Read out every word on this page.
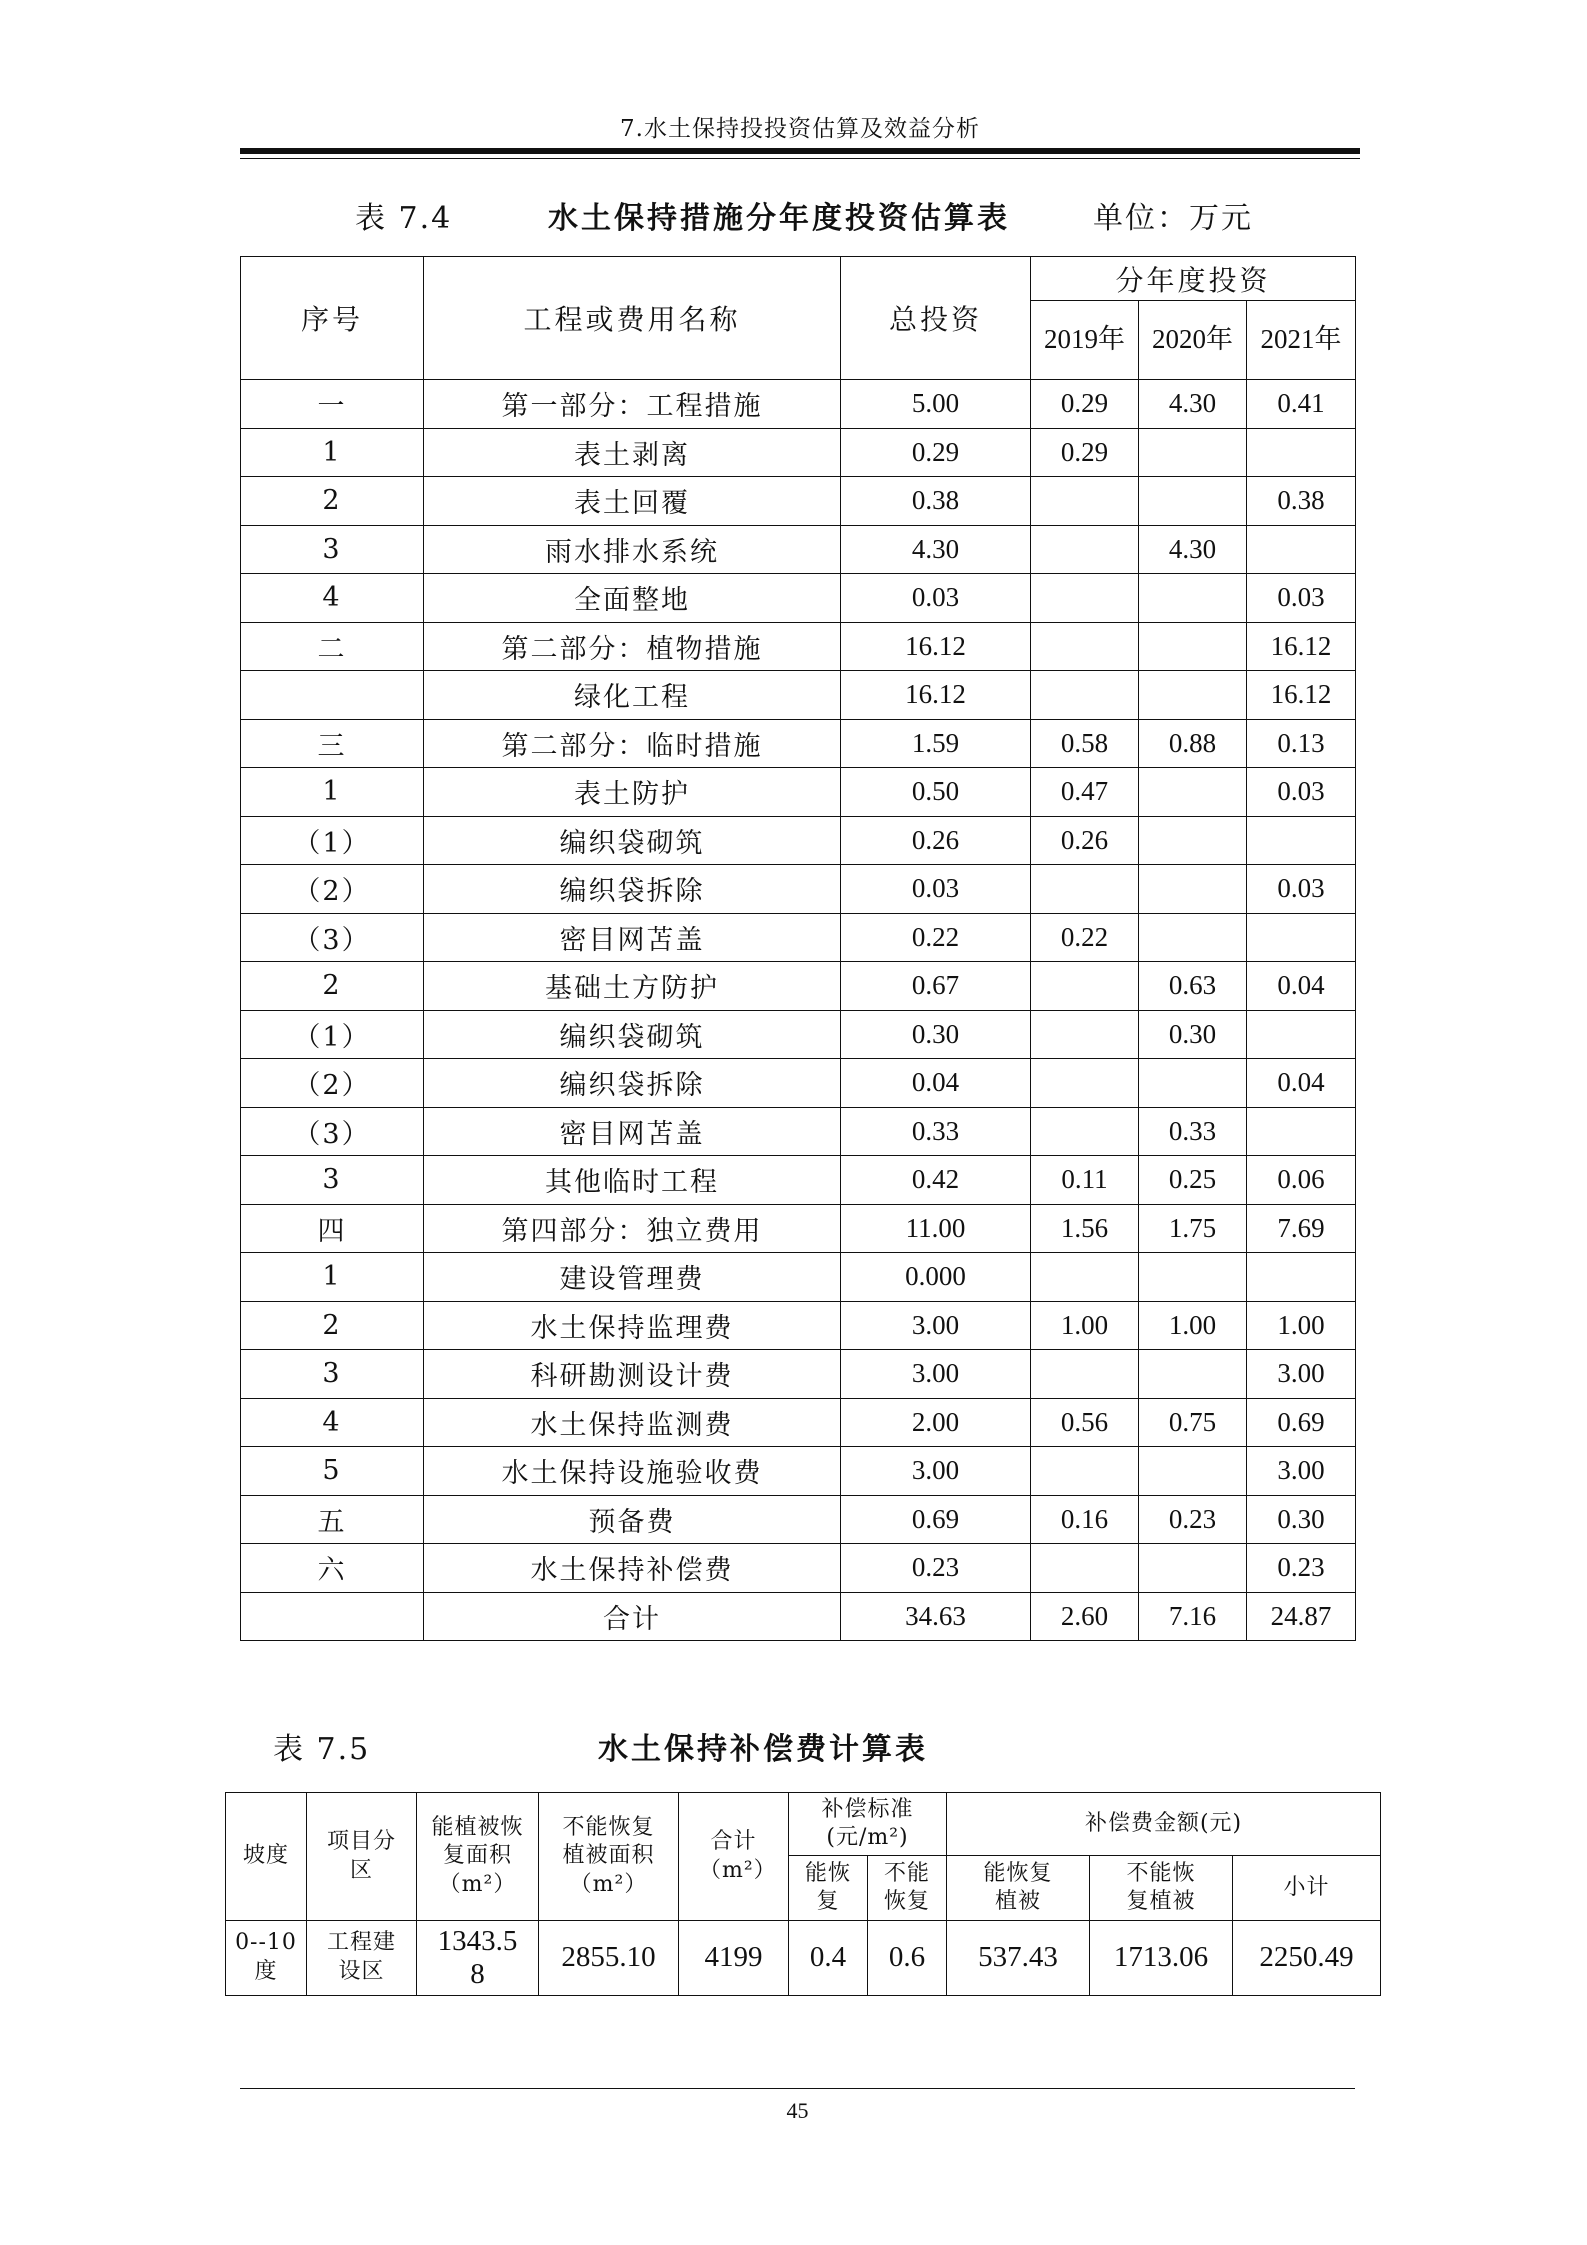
7.水土保持投投资估算及效益分析
表 7.4	水土保持措施分年度投资估算表	单位：万元
序号	工程或费用名称	总投资	分年度投资		
			2019年	2020年	2021年
一	第一部分：工程措施	5.00	0.29	4.30	0.41
1	表土剥离	0.29	0.29		
2	表土回覆	0.38			0.38
3	雨水排水系统	4.30		4.30	
4	全面整地	0.03			0.03
二	第二部分：植物措施	16.12			16.12
	绿化工程	16.12			16.12
三	第二部分：临时措施	1.59	0.58	0.88	0.13
1	表土防护	0.50	0.47		0.03
（1）	编织袋砌筑	0.26	0.26		
（2）	编织袋拆除	0.03			0.03
（3）	密目网苫盖	0.22	0.22		
2	基础土方防护	0.67		0.63	0.04
（1）	编织袋砌筑	0.30		0.30	
（2）	编织袋拆除	0.04			0.04
（3）	密目网苫盖	0.33		0.33	
3	其他临时工程	0.42	0.11	0.25	0.06
四	第四部分：独立费用	11.00	1.56	1.75	7.69
1	建设管理费	0.000			
2	水土保持监理费	3.00	1.00	1.00	1.00
3	科研勘测设计费	3.00			3.00
4	水土保持监测费	2.00	0.56	0.75	0.69
5	水土保持设施验收费	3.00			3.00
五	预备费	0.69	0.16	0.23	0.30
六	水土保持补偿费	0.23			0.23
	合计	34.63	2.60	7.16	24.87
表 7.5	水土保持补偿费计算表
坡度	项目分区	能植被恢复面积（m²）	不能恢复植被面积（m²）	合计（m²）	补偿标准(元/m²)		补偿费金额(元)		
					能恢复	不能恢复	能恢复植被	不能恢复植被	小计
0--10度	工程建设区	1343.58	2855.10	4199	0.4	0.6	537.43	1713.06	2250.49
45
